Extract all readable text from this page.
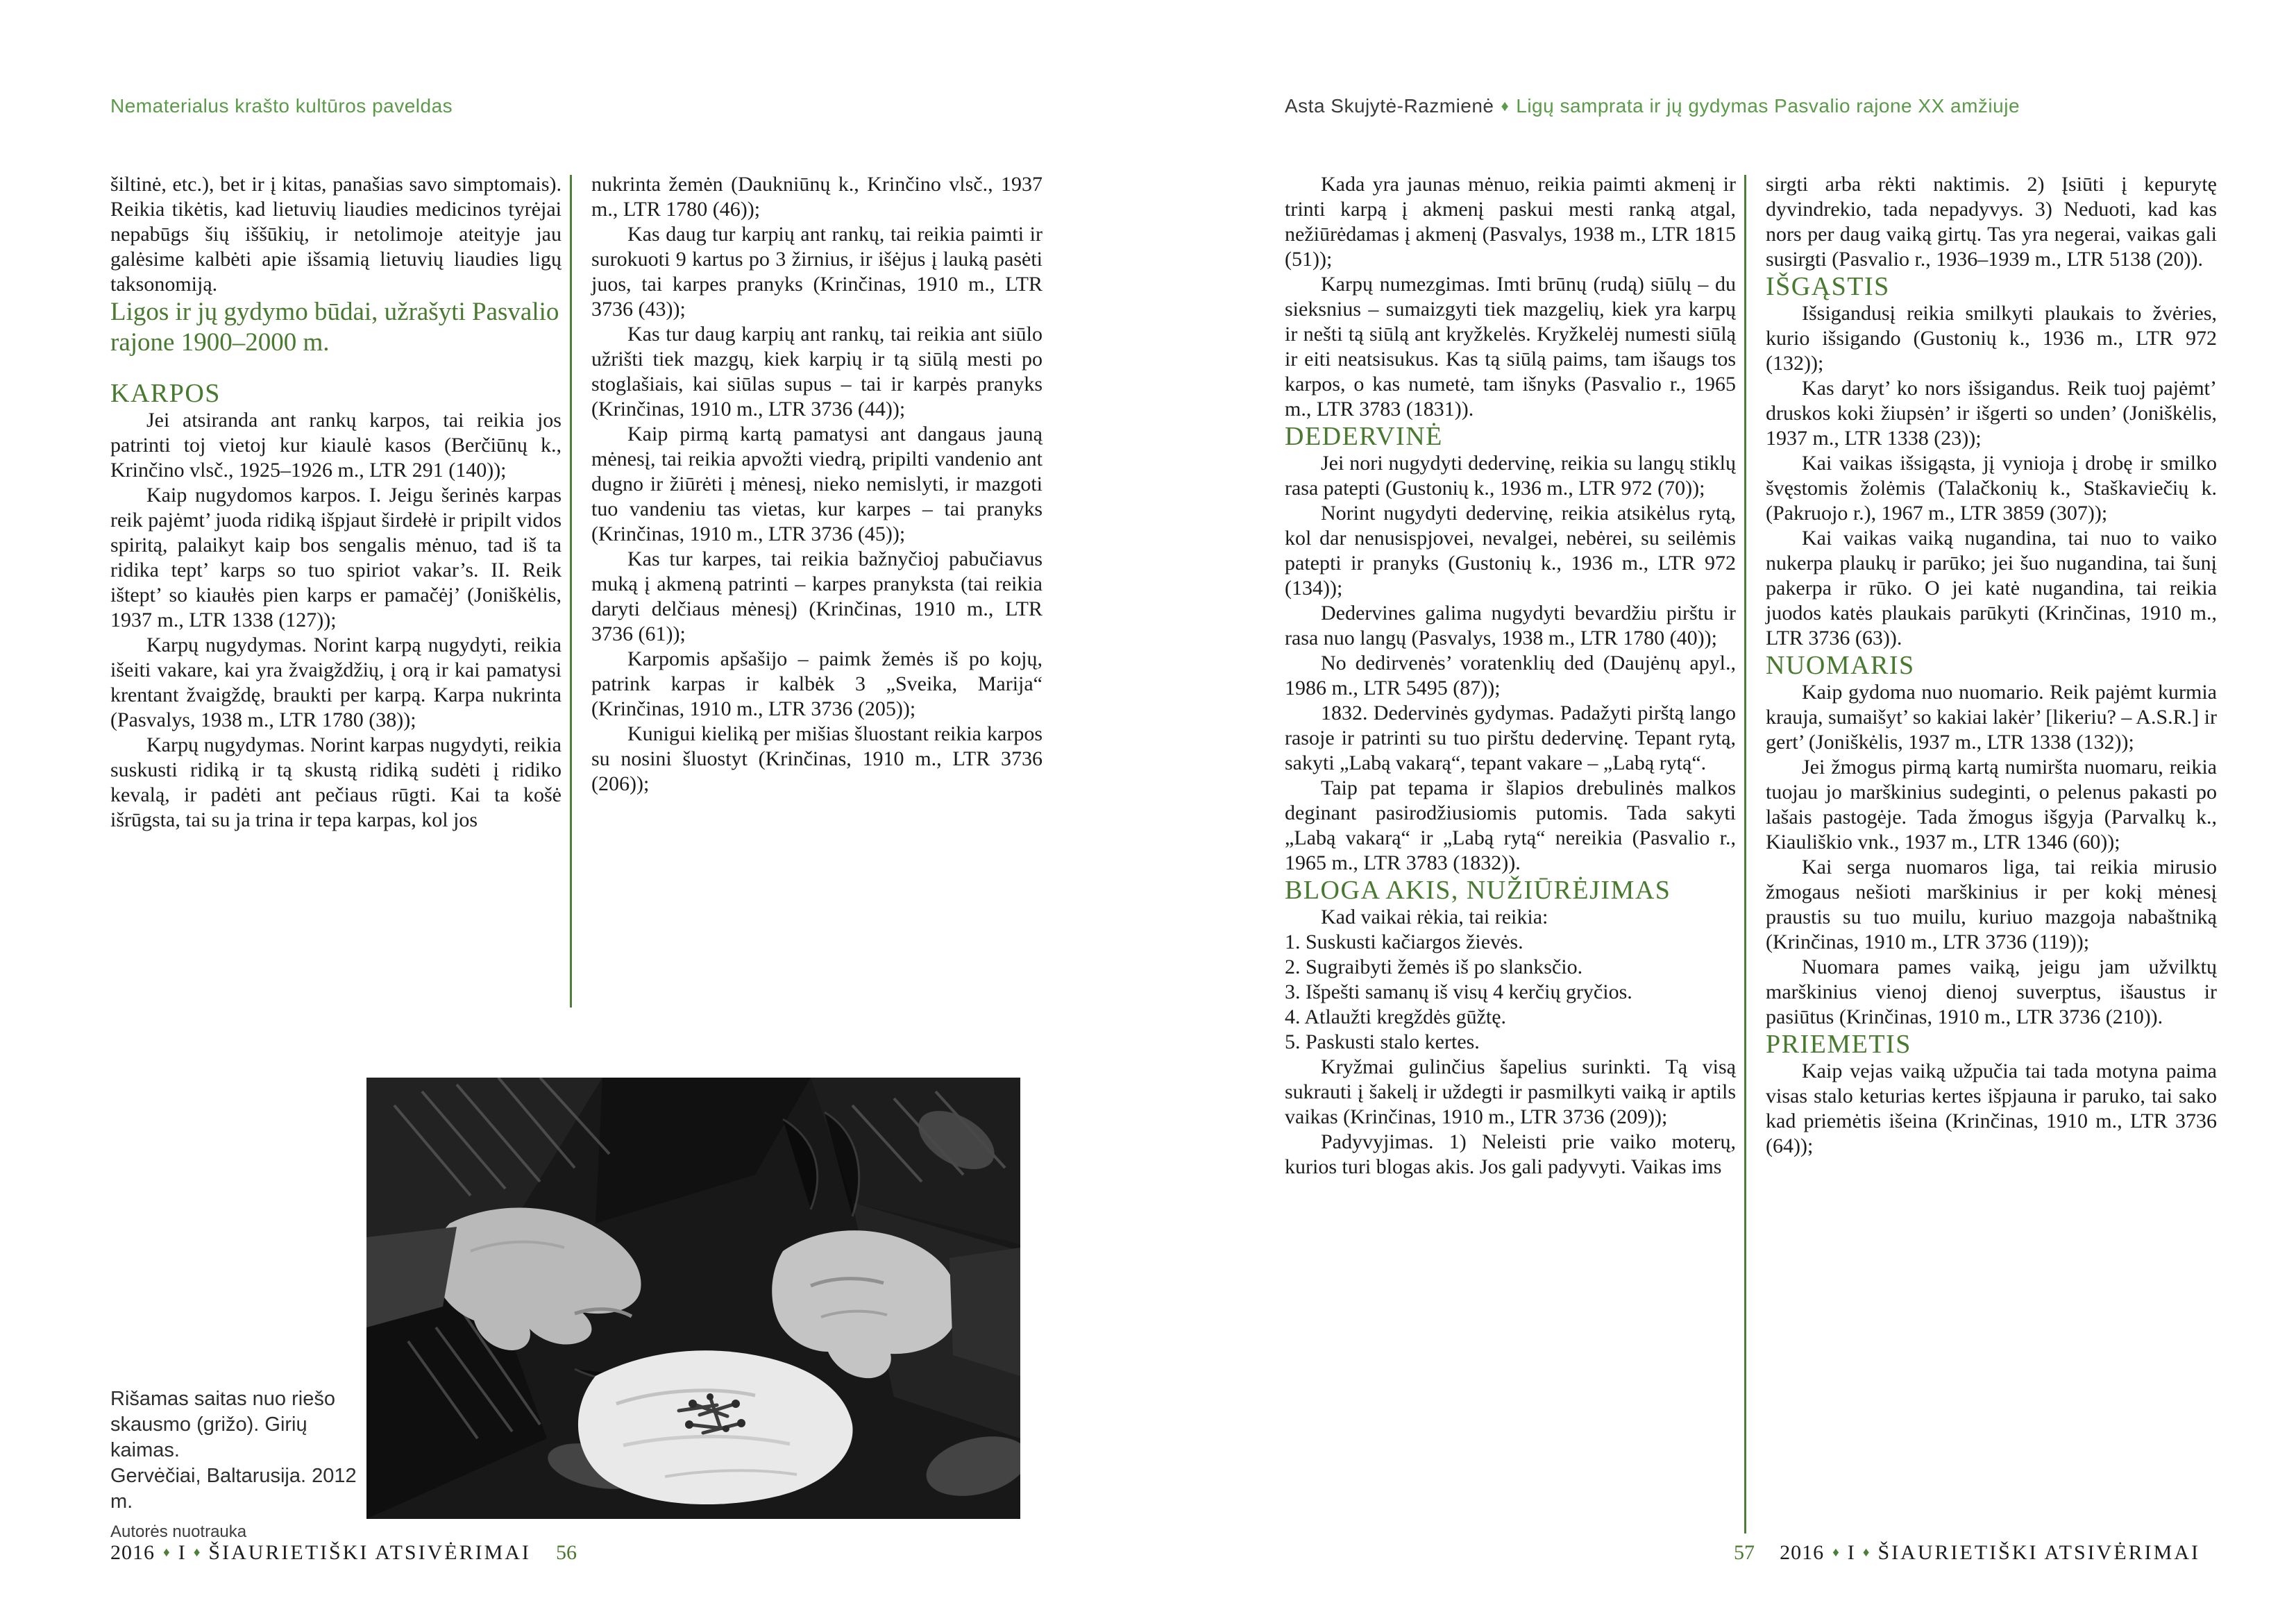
Nematerialus krašto kultūros paveldas	Asta Skujytė-Razmienė ♦ Ligų samprata ir jų gydymas Pasvalio rajone XX amžiuje

šiltinė, etc.), bet ir į kitas, panašias savo simptomais). Reikia tikėtis, kad lietuvių liaudies medicinos tyrėjai nepabūgs šių iššūkių, ir netolimoje ateityje jau galėsime kalbėti apie išsamią lietuvių liaudies ligų taksonomiją.

Ligos ir jų gydymo būdai, užrašyti Pasvalio rajone 1900–2000 m.
KARPOS

Jei atsiranda ant rankų karpos, tai reikia jos patrinti toj vietoj kur kiaulė kasos (Berčiūnų k., Krinčino vlsč., 1925–1926 m., LTR 291 (140));

Kaip nugydomos karpos. I. Jeigu šerinės karpas reik pajėmt’ juoda ridiką išpjaut širdełė ir pripilt vidos spiritą, palaikyt kaip bos sengalis mėnuo, tad iš ta ridika tept’ karps so tuo spiriot vakar’s. II. Reik ištept’ so kiaułės pien karps er pamačėj’ (Joniškėlis, 1937 m., LTR 1338 (127));

Karpų nugydymas. Norint karpą nugydyti, reikia išeiti vakare, kai yra žvaigždžių, į orą ir kai pamatysi krentant žvaigždę, braukti per karpą. Karpa nukrinta (Pasvalys, 1938 m., LTR 1780 (38));

Karpų nugydymas. Norint karpas nugydyti, reikia suskusti ridiką ir tą skustą ridiką sudėti į ridiko kevalą, ir padėti ant pečiaus rūgti. Kai ta košė išrūgsta, tai su ja trina ir tepa karpas, kol jos

nukrinta žemėn (Daukniūnų k., Krinčino vlsč., 1937 m., LTR 1780 (46));

Kas daug tur karpių ant rankų, tai reikia paimti ir surokuoti 9 kartus po 3 žirnius, ir išėjus į lauką pasėti juos, tai karpes pranyks (Krinčinas, 1910 m., LTR 3736 (43));

Kas tur daug karpių ant rankų, tai reikia ant siūlo užrišti tiek mazgų, kiek karpių ir tą siūlą mesti po stoglašiais, kai siūlas supus – tai ir karpės pranyks (Krinčinas, 1910 m., LTR 3736 (44));

Kaip pirmą kartą pamatysi ant dangaus jauną mėnesį, tai reikia apvožti viedrą, pripilti vandenio ant dugno ir žiūrėti į mėnesį, nieko nemislyti, ir mazgoti tuo vandeniu tas vietas, kur karpes – tai pranyks (Krinčinas, 1910 m., LTR 3736 (45));

Kas tur karpes, tai reikia bažnyčioj pabučiavus muką į akmeną patrinti – karpes pranyksta (tai reikia daryti delčiaus mėnesį) (Krinčinas, 1910 m., LTR 3736 (61));

Karpomis apšašijo – paimk žemės iš po kojų, patrink karpas ir kalbėk 3 „Sveika, Marija“ (Krinčinas, 1910 m., LTR 3736 (205));

Kunigui kieliką per mišias šluostant reikia karpos su nosini šluostyt (Krinčinas, 1910 m., LTR 3736 (206));

Kada yra jaunas mėnuo, reikia paimti akmenį ir trinti karpą į akmenį paskui mesti ranką atgal, nežiūrėdamas į akmenį (Pasvalys, 1938 m., LTR 1815 (51));

Karpų numezgimas. Imti brūnų (rudą) siūlų – du sieksnius – sumaizgyti tiek mazgelių, kiek yra karpų ir nešti tą siūlą ant kryžkelės. Kryžkelėj numesti siūlą ir eiti neatsisukus. Kas tą siūlą paims, tam išaugs tos karpos, o kas numetė, tam išnyks (Pasvalio r., 1965 m., LTR 3783 (1831)).

DEDERVINĖ

Jei nori nugydyti dedervinę, reikia su langų stiklų rasa patepti (Gustonių k., 1936 m., LTR 972 (70));

Norint nugydyti dedervinę, reikia atsikėlus rytą, kol dar nenusispjovei, nevalgei, nebėrei, su seilėmis patepti ir pranyks (Gustonių k., 1936 m., LTR 972 (134));

Dedervines galima nugydyti bevardžiu pirštu ir rasa nuo langų (Pasvalys, 1938 m., LTR 1780 (40));

No dedirvenės’ voratenklių ded (Daujėnų apyl., 1986 m., LTR 5495 (87));

1832. Dedervinės gydymas. Padažyti pirštą lango rasoje ir patrinti su tuo pirštu dedervinę. Tepant rytą, sakyti „Labą vakarą“, tepant vakare – „Labą rytą“.

Taip pat tepama ir šlapios drebulinės malkos deginant pasirodžiusiomis putomis. Tada sakyti „Labą vakarą“ ir „Labą rytą“ nereikia (Pasvalio r., 1965 m., LTR 3783 (1832)).

BLOGA AKIS, NUŽIŪRĖJIMAS

Kad vaikai rėkia, tai reikia:

1. Suskusti kačiargos žievės.

2. Sugraibyti žemės iš po slanksčio.

3. Išpešti samanų iš visų 4 kerčių gryčios.

4. Atlaužti kregždės gūžtę.

5. Paskusti stalo kertes.

Kryžmai gulinčius šapelius surinkti. Tą visą sukrauti į šakelį ir uždegti ir pasmilkyti vaiką ir aptils vaikas (Krinčinas, 1910 m., LTR 3736 (209));

Padyvyjimas. 1) Neleisti prie vaiko moterų, kurios turi blogas akis. Jos gali padyvyti. Vaikas ims

sirgti arba rėkti naktimis. 2) Įsiūti į kepurytę dyvindrekio, tada nepadyvys. 3) Neduoti, kad kas nors per daug vaiką girtų. Tas yra negerai, vaikas gali susirgti (Pasvalio r., 1936–1939 m., LTR 5138 (20)).

IŠGĄSTIS

Išsigandusį reikia smilkyti plaukais to žvėries, kurio išsigando (Gustonių k., 1936 m., LTR 972 (132));

Kas daryt’ ko nors išsigandus. Reik tuoj pajėmt’ druskos koki žiupsėn’ ir išgerti so unden’ (Joniškėlis, 1937 m., LTR 1338 (23));

Kai vaikas išsigąsta, jį vynioja į drobę ir smilko švęstomis žolėmis (Talačkonių k., Staškaviečių k. (Pakruojo r.), 1967 m., LTR 3859 (307));

Kai vaikas vaiką nugandina, tai nuo to vaiko nukerpa plaukų ir parūko; jei šuo nugandina, tai šunį pakerpa ir rūko. O jei katė nugandina, tai reikia juodos katės plaukais parūkyti (Krinčinas, 1910 m., LTR 3736 (63)).

NUOMARIS

Kaip gydoma nuo nuomario. Reik pajėmt kurmia krauja, sumaišyt’ so kakiai lakėr’ [likeriu? – A.S.R.] ir gert’ (Joniškėlis, 1937 m., LTR 1338 (132));

Jei žmogus pirmą kartą numiršta nuomaru, reikia tuojau jo marškinius sudeginti, o pelenus pakasti po lašais pastogėje. Tada žmogus išgyja (Parvalkų k., Kiauliškio vnk., 1937 m., LTR 1346 (60));

Kai serga nuomaros liga, tai reikia mirusio žmogaus nešioti marškinius ir per kokį mėnesį praustis su tuo muilu, kuriuo mazgoja nabaštniką (Krinčinas, 1910 m., LTR 3736 (119));

Nuomara pames vaiką, jeigu jam užvilktų marškinius vienoj dienoj suverptus, išaustus ir pasiūtus (Krinčinas, 1910 m., LTR 3736 (210)).

PRIEMETIS

Kaip vejas vaiką užpučia tai tada motyna paima visas stalo keturias kertes išpjauna ir paruko, tai sako kad priemėtis išeina (Krinčinas, 1910 m., LTR 3736 (64));

Rišamas saitas nuo riešo
skausmo (grižo). Girių kaimas.
Gervėčiai, Baltarusija. 2012 m.
Autorės nuotrauka
2016 ♦ I ♦ ŠIAURIETIŠKI ATSIVĖRIMAI 56	57 2016 ♦ I ♦ ŠIAURIETIŠKI ATSIVĖRIMAI
